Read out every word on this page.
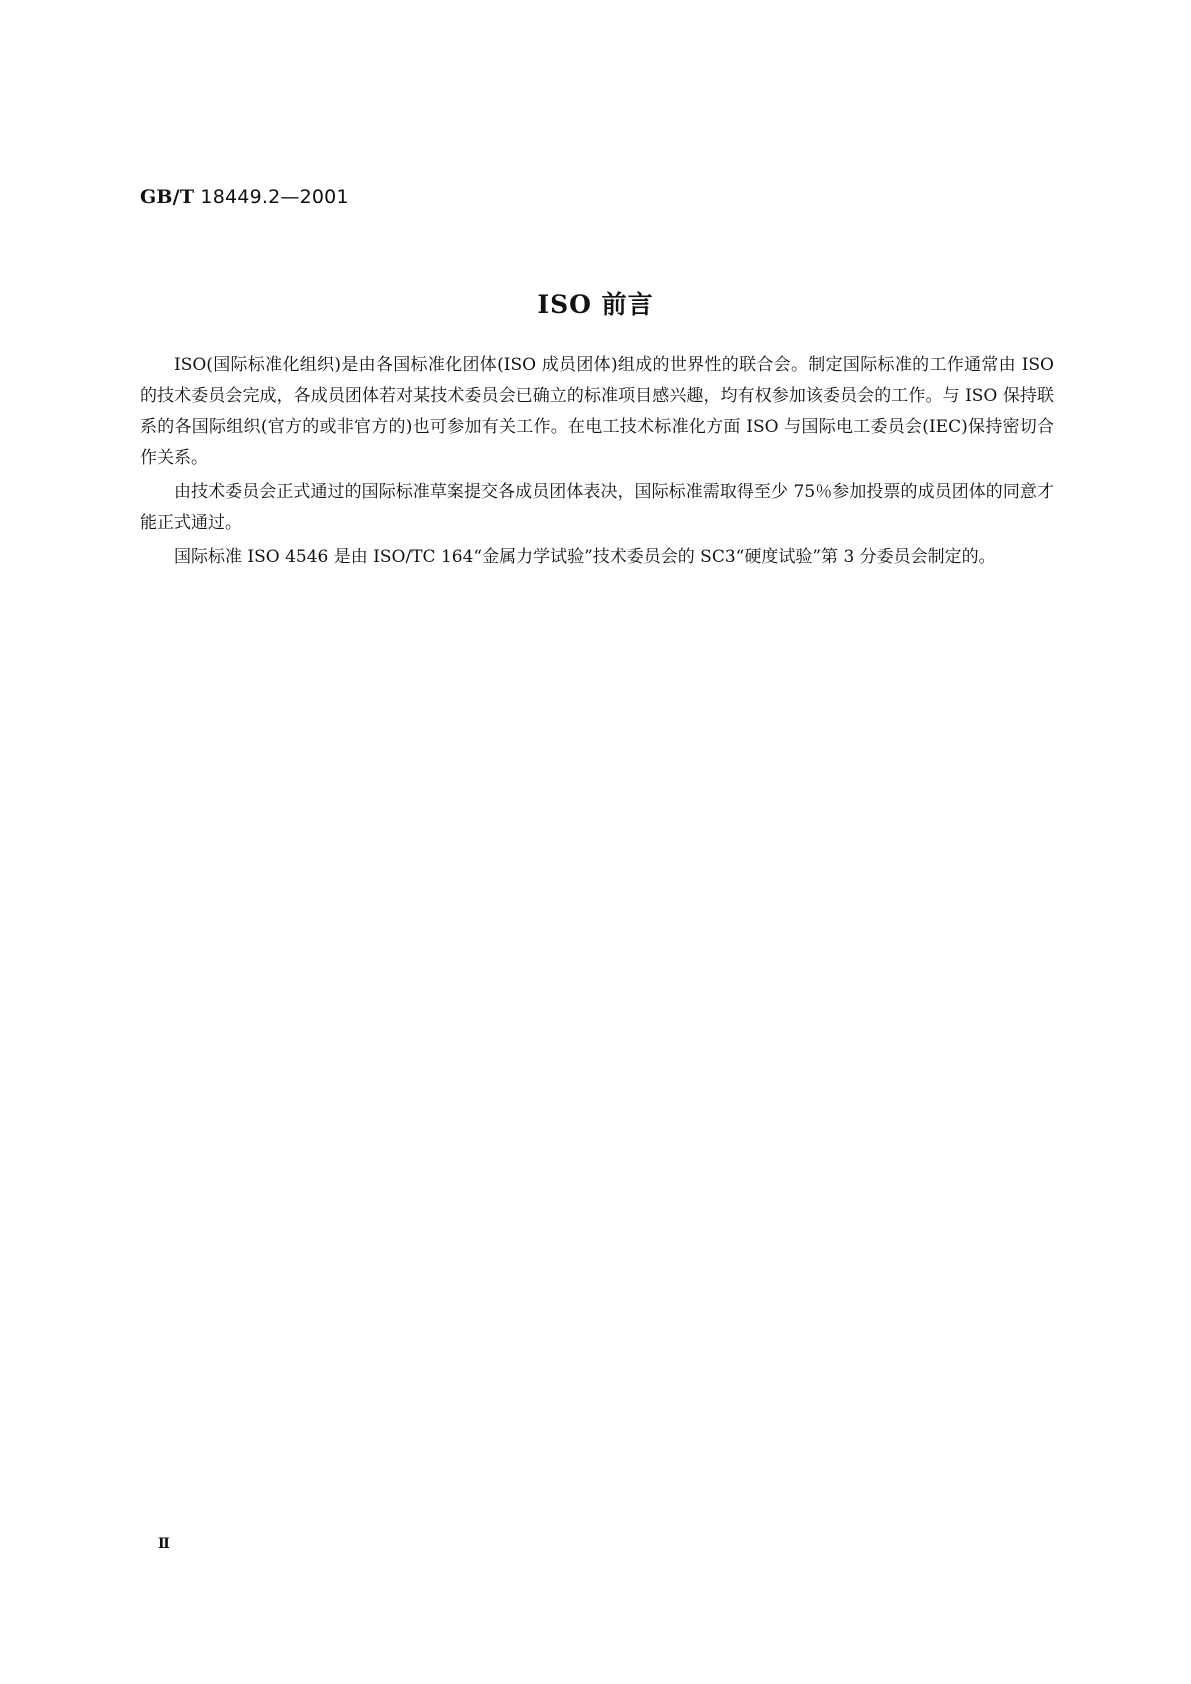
GB/T 18449.2—2001
ISO 前言

ISO(国际标准化组织)是由各国标准化团体(ISO 成员团体)组成的世界性的联合会。制定国际标准的工作通常由 ISO 的技术委员会完成，各成员团体若对某技术委员会已确立的标准项目感兴趣，均有权参加该委员会的工作。与 ISO 保持联系的各国际组织(官方的或非官方的)也可参加有关工作。在电工技术标准化方面 ISO 与国际电工委员会(IEC)保持密切合作关系。

由技术委员会正式通过的国际标准草案提交各成员团体表决，国际标准需取得至少 75％参加投票的成员团体的同意才能正式通过。

国际标准 ISO 4546 是由 ISO/TC 164“金属力学试验”技术委员会的 SC3“硬度试验”第 3 分委员会制定的。

Ⅱ
